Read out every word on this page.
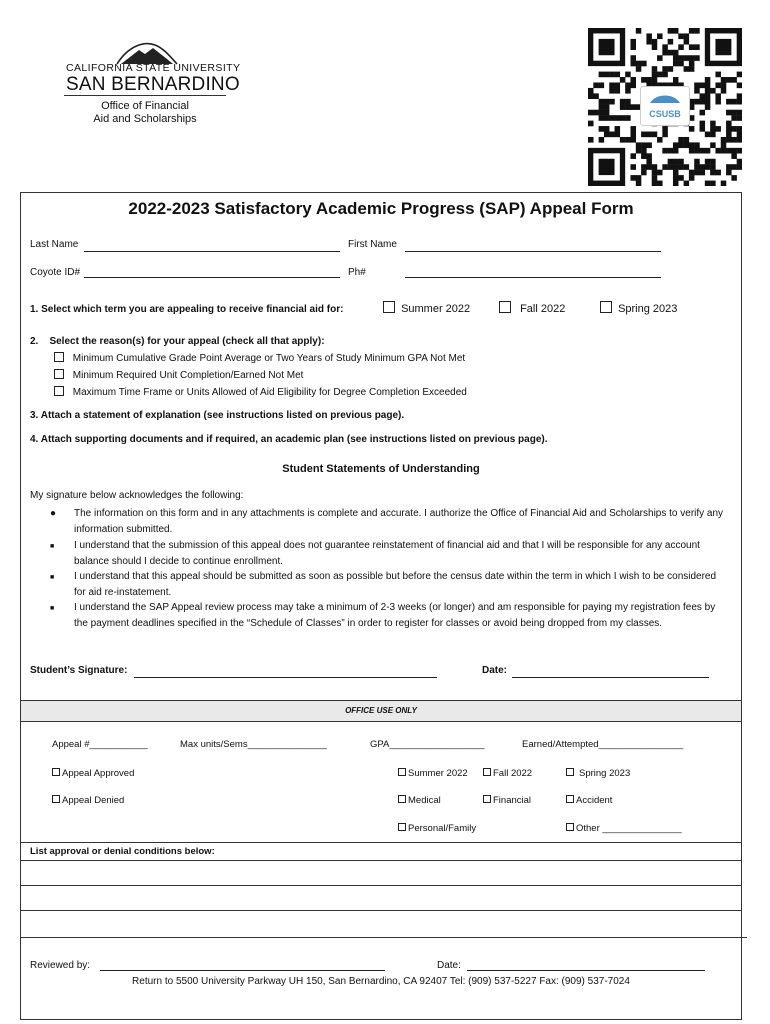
CALIFORNIA STATE UNIVERSITY
SAN BERNARDINO
Office of Financial
Aid and Scholarships	CSUSB
2022-2023 Satisfactory Academic Progress (SAP) Appeal Form
Last Name	First Name
Coyote ID#	Ph#
1. Select which term you are appealing to receive financial aid for:	Summer 2022	Fall 2022	Spring 2023
2.    Select the reason(s) for your appeal (check all that apply):
Minimum Cumulative Grade Point Average or Two Years of Study Minimum GPA Not Met
Minimum Required Unit Completion/Earned Not Met
Maximum Time Frame or Units Allowed of Aid Eligibility for Degree Completion Exceeded
3. Attach a statement of explanation (see instructions listed on previous page).
4. Attach supporting documents and if required, an academic plan (see instructions listed on previous page).
Student Statements of Understanding
My signature below acknowledges the following:
● The information on this form and in any attachments is complete and accurate. I authorize the Office of Financial Aid and Scholarships to verify any information submitted.
■ I understand that the submission of this appeal does not guarantee reinstatement of financial aid and that I will be responsible for any account balance should I decide to continue enrollment.
■ I understand that this appeal should be submitted as soon as possible but before the census date within the term in which I wish to be considered for aid re-instatement.
■ I understand the SAP Appeal review process may take a minimum of 2-3 weeks (or longer) and am responsible for paying my registration fees by the payment deadlines specified in the “Schedule of Classes” in order to register for classes or avoid being dropped from my classes.
Student’s Signature:	Date:
OFFICE USE ONLY
Appeal #___________	Max units/Sems_______________	GPA__________________	Earned/Attempted________________
Appeal Approved
Appeal Denied
Summer 2022	Fall 2022	Spring 2023
Medical	Financial	Accident
Personal/Family	Other _______________
List approval or denial conditions below:
Reviewed by:	Date:
Return to 5500 University Parkway UH 150, San Bernardino, CA 92407 Tel: (909) 537-5227 Fax: (909) 537-7024
